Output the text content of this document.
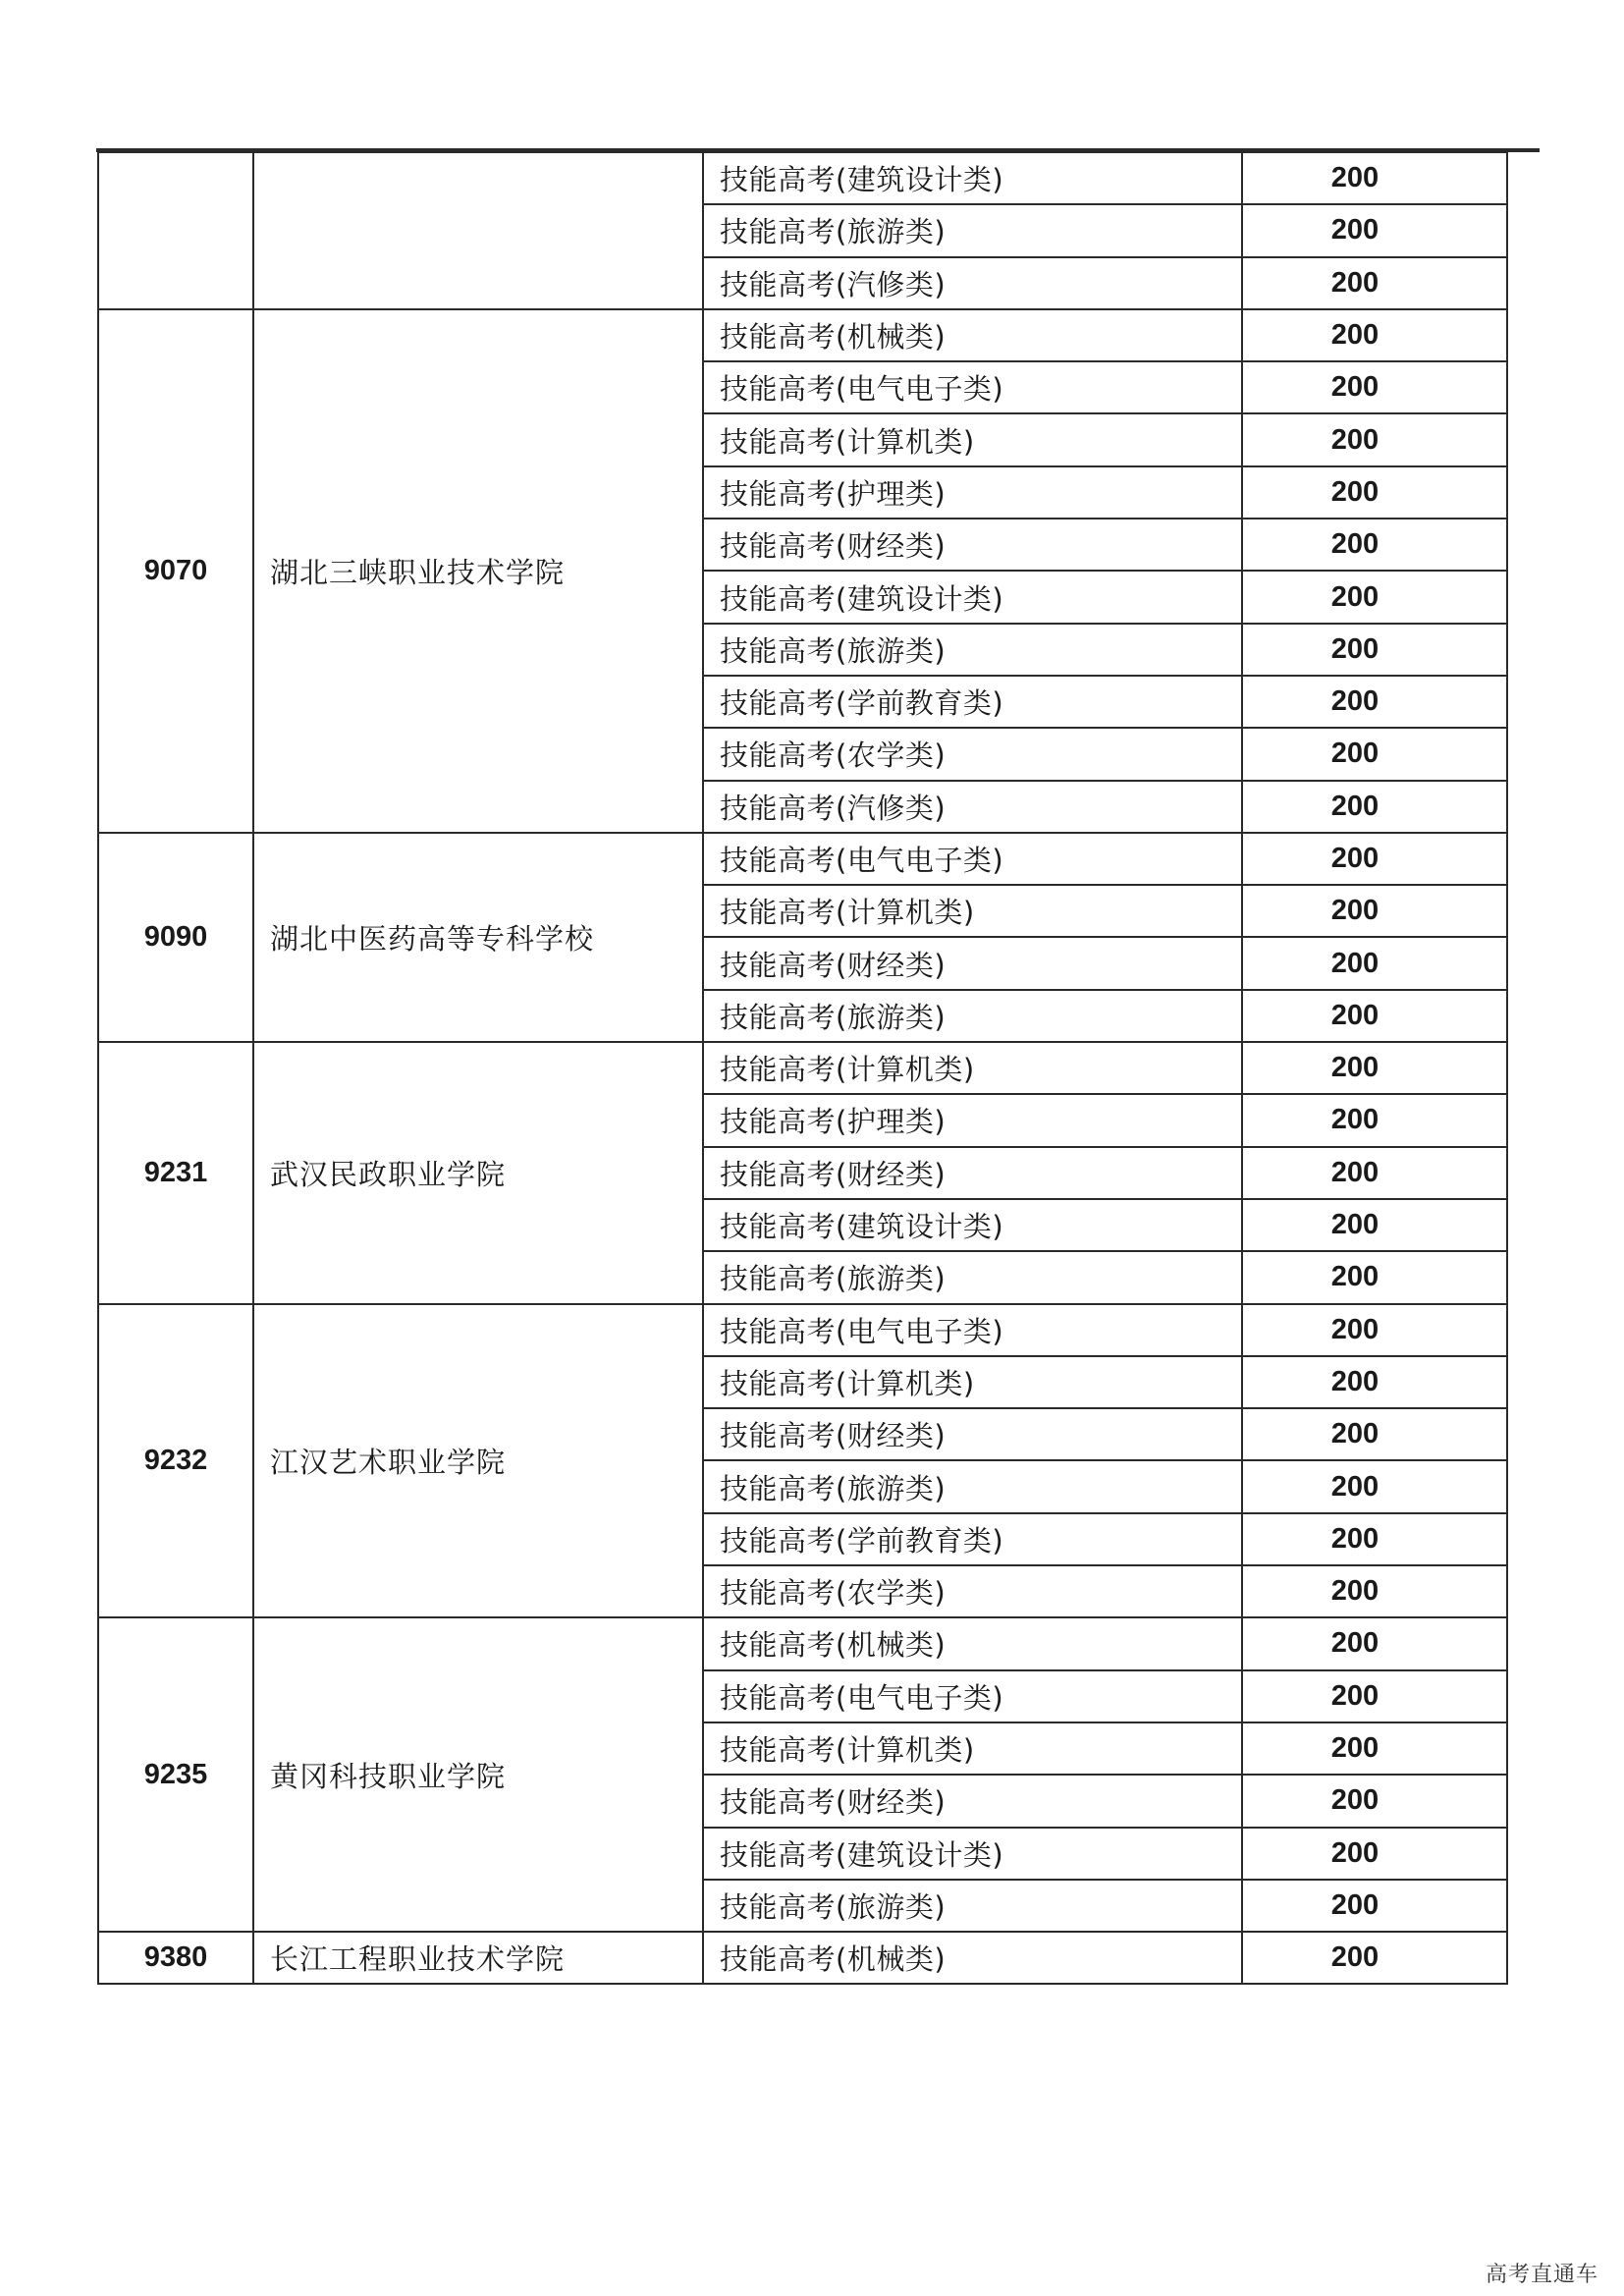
		技能高考(建筑设计类)	200	
		技能高考(旅游类)	200	
		技能高考(汽修类)	200	
9070	湖北三峡职业技术学院	技能高考(机械类)	200	
		技能高考(电气电子类)	200	
		技能高考(计算机类)	200	
		技能高考(护理类)	200	
		技能高考(财经类)	200	
		技能高考(建筑设计类)	200	
		技能高考(旅游类)	200	
		技能高考(学前教育类)	200	
		技能高考(农学类)	200	
		技能高考(汽修类)	200	
9090	湖北中医药高等专科学校	技能高考(电气电子类)	200	
		技能高考(计算机类)	200	
		技能高考(财经类)	200	
		技能高考(旅游类)	200	
9231	武汉民政职业学院	技能高考(计算机类)	200	
		技能高考(护理类)	200	
		技能高考(财经类)	200	
		技能高考(建筑设计类)	200	
		技能高考(旅游类)	200	
9232	江汉艺术职业学院	技能高考(电气电子类)	200	
		技能高考(计算机类)	200	
		技能高考(财经类)	200	
		技能高考(旅游类)	200	
		技能高考(学前教育类)	200	
		技能高考(农学类)	200	
9235	黄冈科技职业学院	技能高考(机械类)	200	
		技能高考(电气电子类)	200	
		技能高考(计算机类)	200	
		技能高考(财经类)	200	
		技能高考(建筑设计类)	200	
		技能高考(旅游类)	200	
9380	长江工程职业技术学院	技能高考(机械类)	200	
高考直通车
